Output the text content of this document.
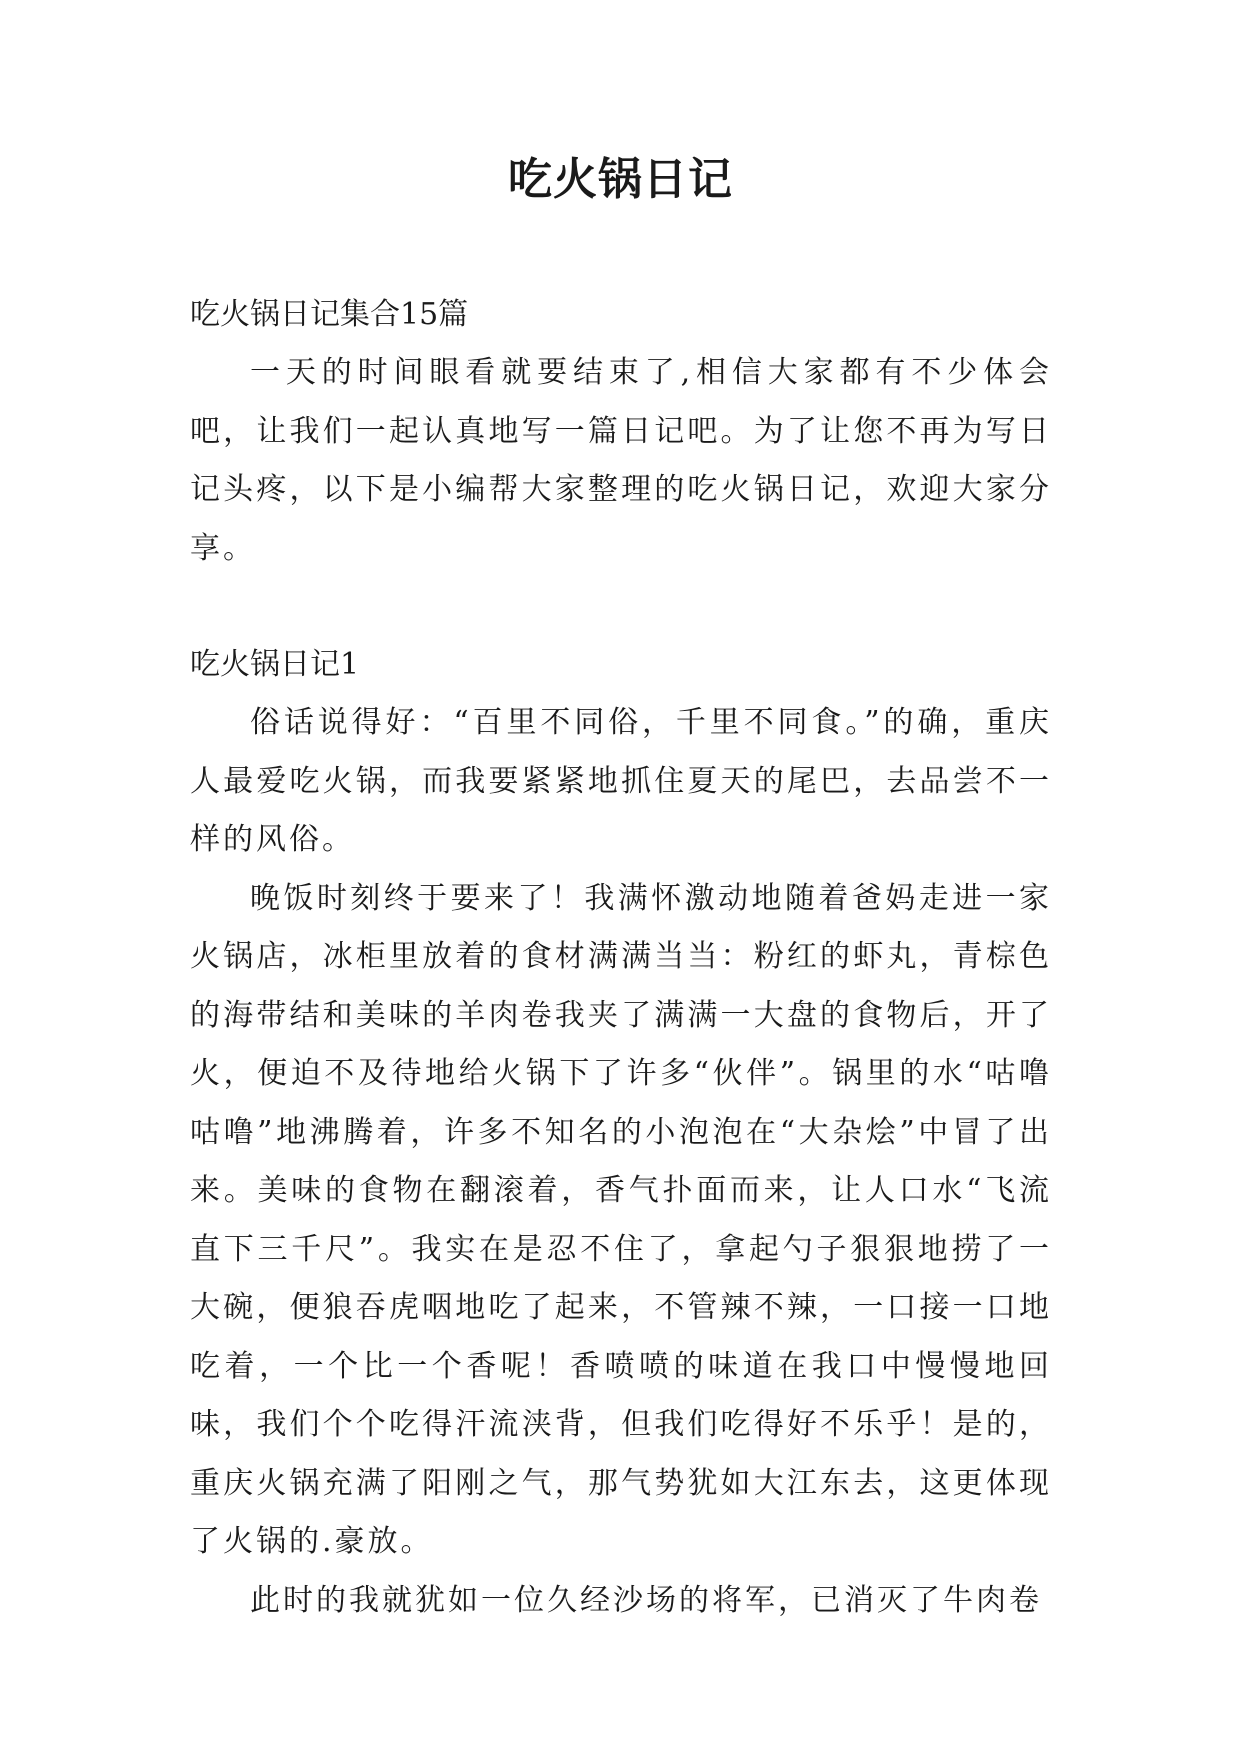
吃火锅日记

吃火锅日记集合15篇

一天的时间眼看就要结束了,相信大家都有不少体会吧，让我们一起认真地写一篇日记吧。为了让您不再为写日记头疼，以下是小编帮大家整理的吃火锅日记，欢迎大家分享。

吃火锅日记1

俗话说得好：“百里不同俗，千里不同食。”的确，重庆人最爱吃火锅，而我要紧紧地抓住夏天的尾巴，去品尝不一样的风俗。

晚饭时刻终于要来了！我满怀激动地随着爸妈走进一家火锅店，冰柜里放着的食材满满当当：粉红的虾丸，青棕色的海带结和美味的羊肉卷我夹了满满一大盘的食物后，开了火，便迫不及待地给火锅下了许多“伙伴”。锅里的水“咕噜咕噜”地沸腾着，许多不知名的小泡泡在“大杂烩”中冒了出来。美味的食物在翻滚着，香气扑面而来，让人口水“飞流直下三千尺”。我实在是忍不住了，拿起勺子狠狠地捞了一大碗，便狼吞虎咽地吃了起来，不管辣不辣，一口接一口地吃着，一个比一个香呢！香喷喷的味道在我口中慢慢地回味，我们个个吃得汗流浃背，但我们吃得好不乐乎！是的，重庆火锅充满了阳刚之气，那气势犹如大江东去，这更体现了火锅的.豪放。

此时的我就犹如一位久经沙场的将军，已消灭了牛肉卷
